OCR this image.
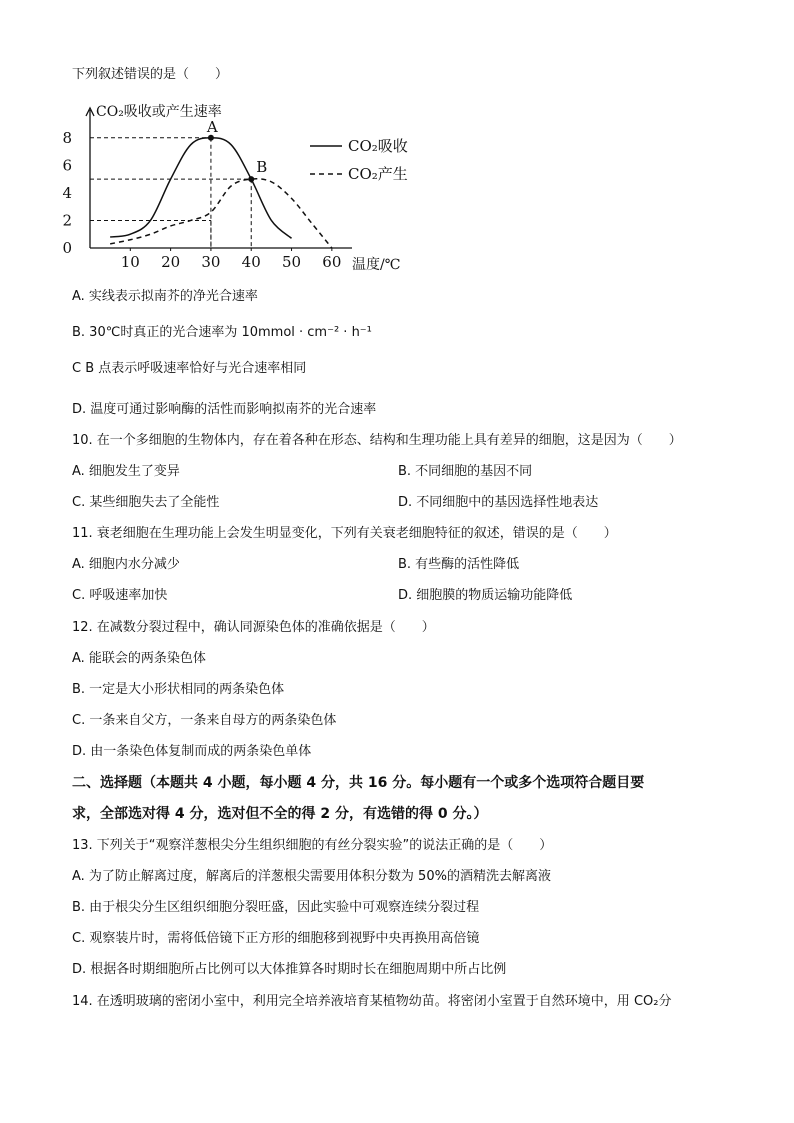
下列叙述错误的是（　　）
CO₂吸收或产生速率
A
B
10 20 30 40 50 60
0
2
4
6
8
温度/℃
CO₂吸收
CO₂产生
A. 实线表示拟南芥的净光合速率
B. 30℃时真正的光合速率为 10mmol · cm⁻² · h⁻¹
C B 点表示呼吸速率恰好与光合速率相同
D. 温度可通过影响酶的活性而影响拟南芥的光合速率
10. 在一个多细胞的生物体内，存在着各种在形态、结构和生理功能上具有差异的细胞，这是因为（　　）
A. 细胞发生了变异	B. 不同细胞的基因不同
C. 某些细胞失去了全能性	D. 不同细胞中的基因选择性地表达
11. 衰老细胞在生理功能上会发生明显变化，下列有关衰老细胞特征的叙述，错误的是（　　）
A. 细胞内水分减少	B. 有些酶的活性降低
C. 呼吸速率加快	D. 细胞膜的物质运输功能降低
12. 在减数分裂过程中，确认同源染色体的准确依据是（　　）
A. 能联会的两条染色体
B. 一定是大小形状相同的两条染色体
C. 一条来自父方，一条来自母方的两条染色体
D. 由一条染色体复制而成的两条染色单体
二、选择题（本题共 4 小题，每小题 4 分，共 16 分。每小题有一个或多个选项符合题目要
求，全部选对得 4 分，选对但不全的得 2 分，有选错的得 0 分。）
13. 下列关于“观察洋葱根尖分生组织细胞的有丝分裂实验”的说法正确的是（　　）
A. 为了防止解离过度，解离后的洋葱根尖需要用体积分数为 50%的酒精洗去解离液
B. 由于根尖分生区组织细胞分裂旺盛，因此实验中可观察连续分裂过程
C. 观察装片时，需将低倍镜下正方形的细胞移到视野中央再换用高倍镜
D. 根据各时期细胞所占比例可以大体推算各时期时长在细胞周期中所占比例
14. 在透明玻璃的密闭小室中，利用完全培养液培育某植物幼苗。将密闭小室置于自然环境中，用 CO₂分
